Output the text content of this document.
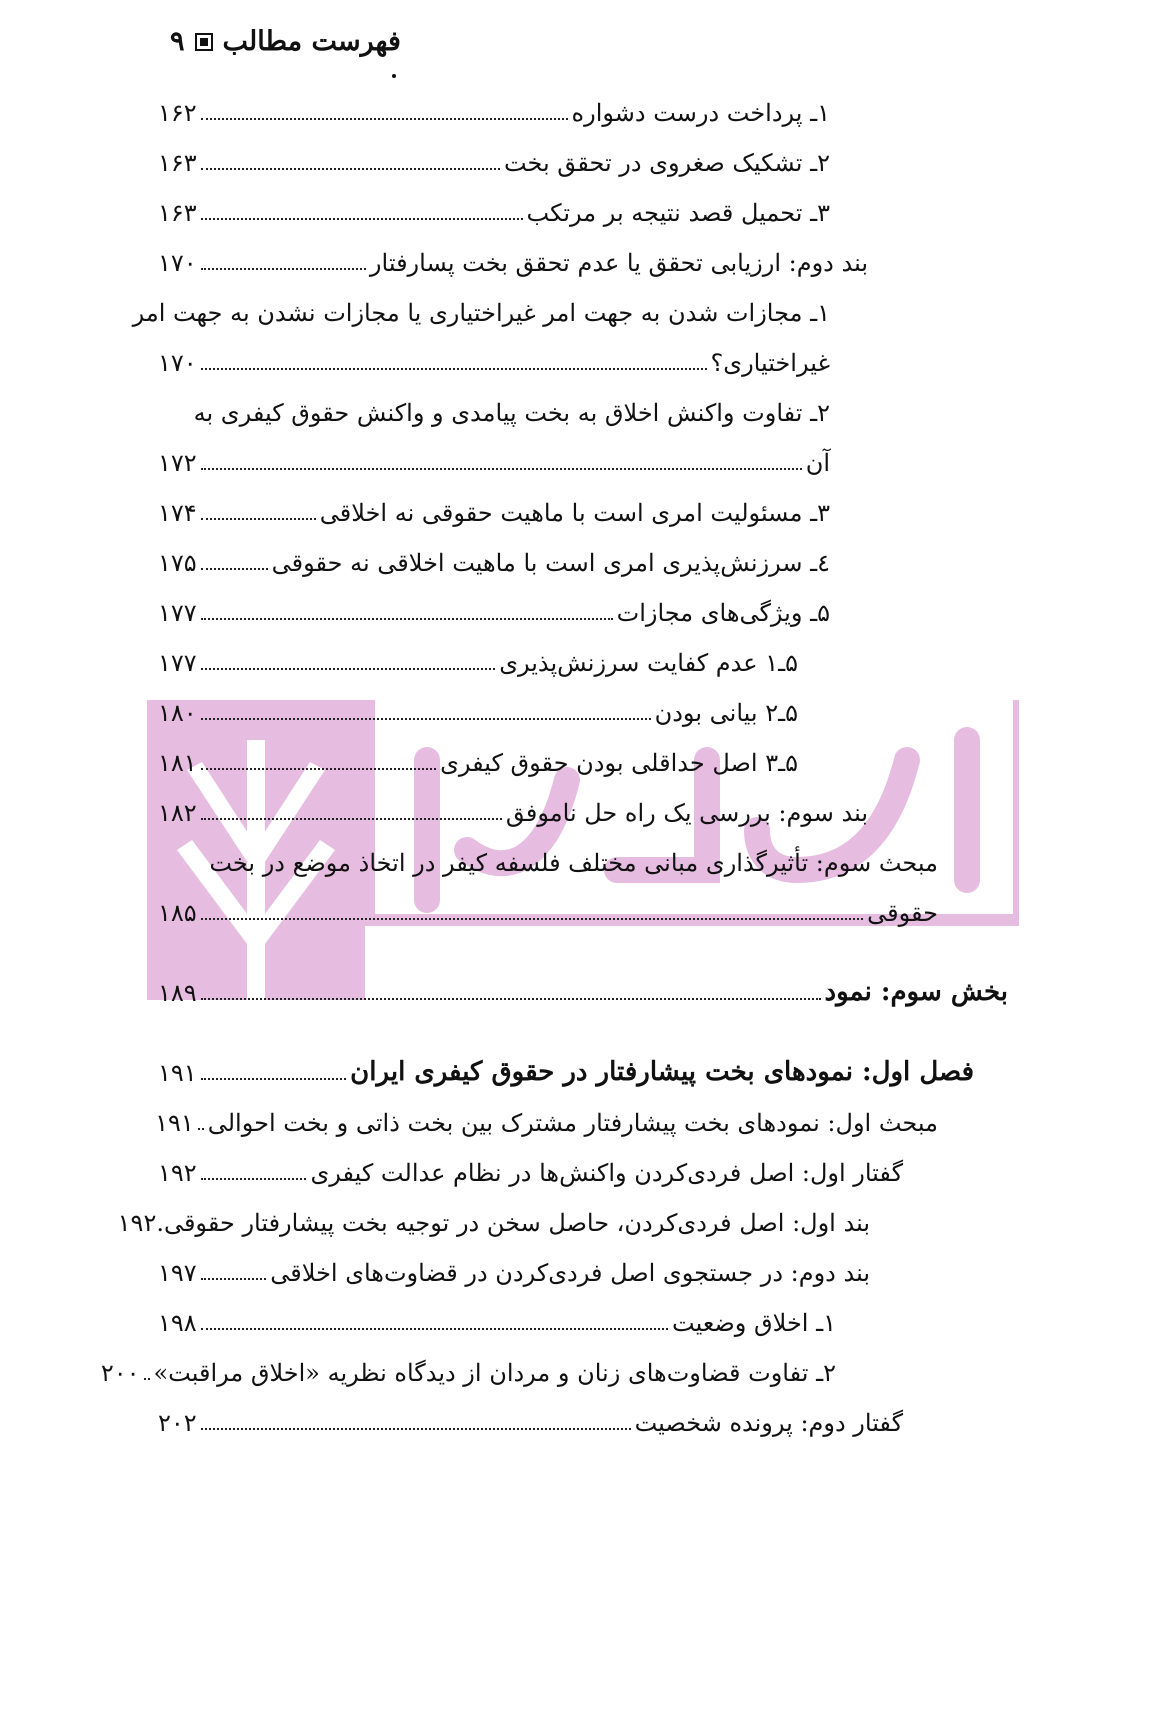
فهرست مطالب
۹
۱ـ پرداخت درست دشواره
۱۶۲
۲ـ تشکیک صغروی در تحقق بخت
۱۶۳
۳ـ تحمیل قصد نتیجه بر مرتکب
۱۶۳
بند دوم: ارزیابی تحقق یا عدم تحقق بخت پسارفتار
۱۷۰
۱ـ مجازات شدن به جهت امر غیراختیاری یا مجازات نشدن به جهت امر
غیراختیاری؟
۱۷۰
۲ـ تفاوت واکنش اخلاق به بخت پیامدی و واکنش حقوق کیفری به
آن
۱۷۲
۳ـ مسئولیت امری است با ماهیت حقوقی نه اخلاقی
۱۷۴
٤ـ سرزنش‌پذیری امری است با ماهیت اخلاقی نه حقوقی
۱۷۵
۵ـ ویژگی‌های مجازات
۱۷۷
۵ـ۱ عدم کفایت سرزنش‌پذیری
۱۷۷
۵ـ۲ بیانی بودن
۱۸۰
۵ـ۳ اصل حداقلی بودن حقوق کیفری
۱۸۱
بند سوم: بررسی یک راه حل ناموفق
۱۸۲
مبحث سوم: تأثیرگذاری مبانی مختلف فلسفه کیفر در اتخاذ موضع در بخت
حقوقی
۱۸۵
بخش سوم: نمود
۱۸۹
فصل اول: نمودهای بخت پیشارفتار در حقوق کیفری ایران
۱۹۱
مبحث اول: نمودهای بخت پیشارفتار مشترک بین بخت ذاتی و بخت احوالی
۱۹۱
گفتار اول: اصل فردی‌کردن واکنش‌ها در نظام عدالت کیفری
۱۹۲
بند اول: اصل فردی‌کردن، حاصل سخن در توجیه بخت پیشارفتار حقوقی.
۱۹۲
بند دوم: در جستجوی اصل فردی‌کردن در قضاوت‌های اخلاقی
۱۹۷
۱ـ اخلاق وضعیت
۱۹۸
۲ـ تفاوت قضاوت‌های زنان و مردان از دیدگاه نظریه «اخلاق مراقبت»
۲۰۰
گفتار دوم: پرونده شخصیت
۲۰۲
